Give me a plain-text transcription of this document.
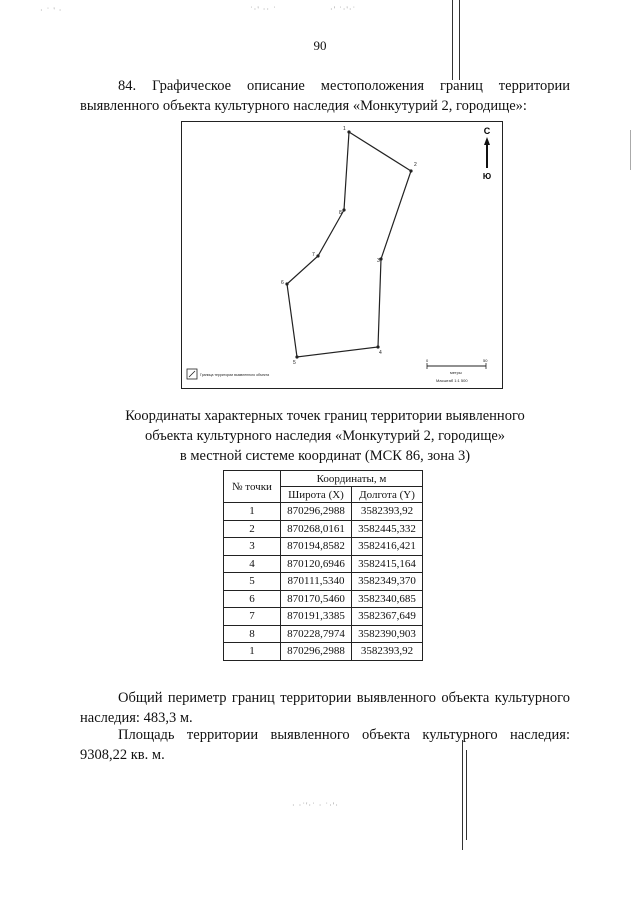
· ˙ ' ·	˙·' ·· ˙	·' ˙·'·˙
90
84. Графическое описание местоположения границ территории выявленного объекта культурного наследия «Монкутурий 2, городище»:
1
2
3
4
5
6
7
8
С
Ю
0	50
метры
Масштаб 1:1 500
Граница территории выявленного объекта
Координаты характерных точек границ территории выявленного
объекта культурного наследия «Монкутурий 2, городище»
в местной системе координат (МСК 86, зона 3)
№ точки	Координаты, м	
	Широта (X)	Долгота (Y)
1	870296,2988	3582393,92
2	870268,0161	3582445,332
3	870194,8582	3582416,421
4	870120,6946	3582415,164
5	870111,5340	3582349,370
6	870170,5460	3582340,685
7	870191,3385	3582367,649
8	870228,7974	3582390,903
1	870296,2988	3582393,92
Общий периметр границ территории выявленного объекта культурного наследия: 483,3 м.
Площадь территории выявленного объекта культурного наследия: 9308,22 кв. м.
· ·˙'·˙ · ˙·'·
